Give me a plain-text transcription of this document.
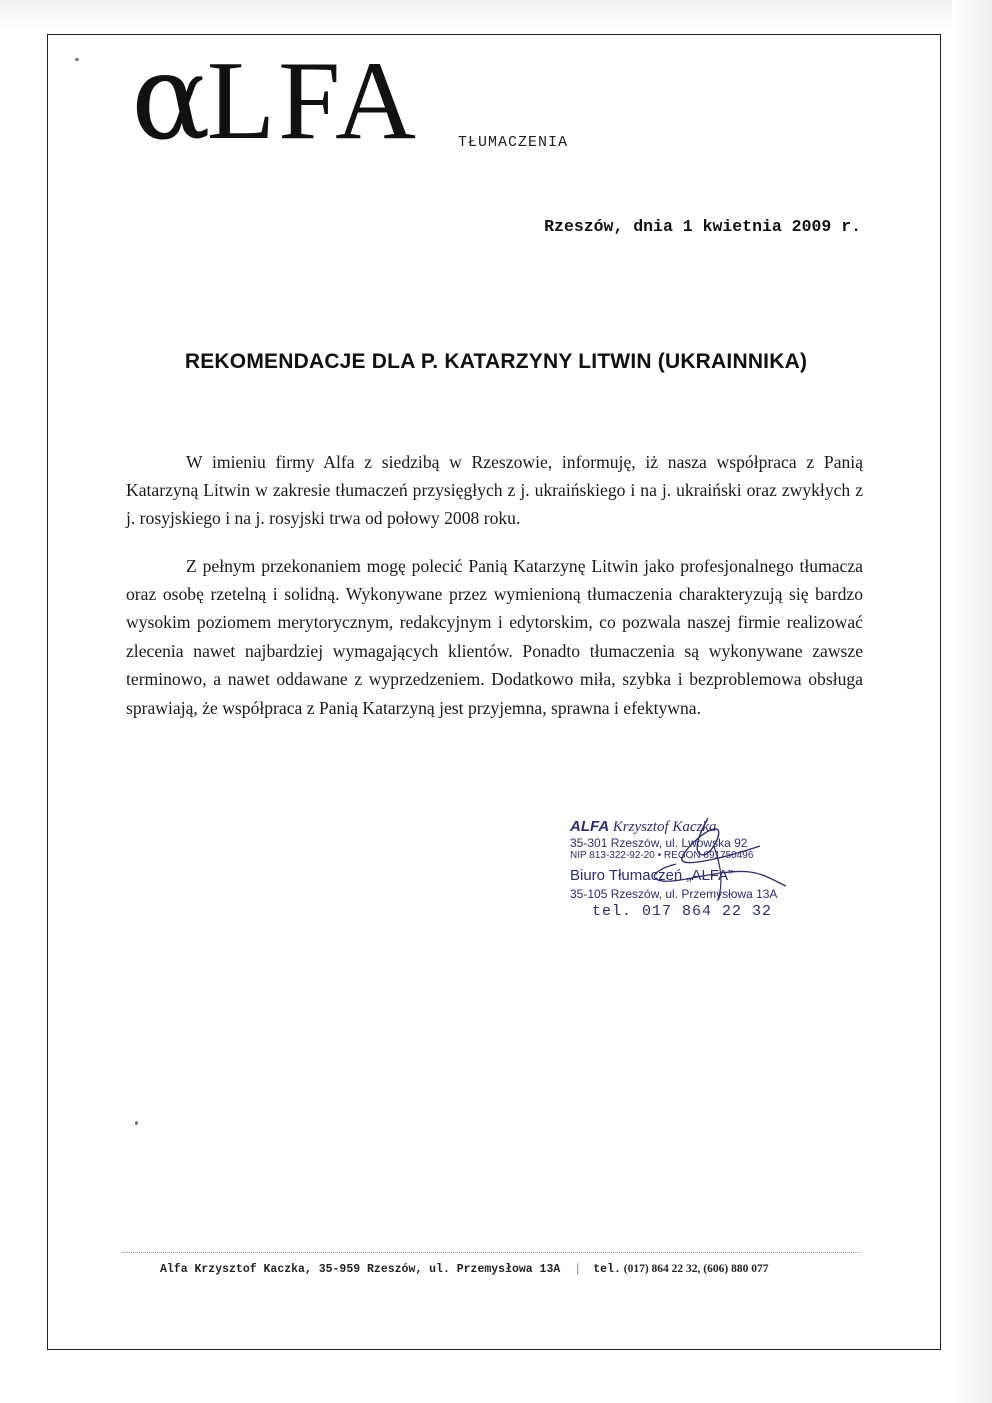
αLFA	TŁUMACZENIA
Rzeszów, dnia 1 kwietnia 2009 r.
REKOMENDACJE DLA P. KATARZYNY LITWIN (UKRAINNIKA)

W imieniu firmy Alfa z siedzibą w Rzeszowie, informuję, iż nasza współpraca z Panią Katarzyną Litwin w zakresie tłumaczeń przysięgłych z j. ukraińskiego i na j. ukraiński oraz zwykłych z j. rosyjskiego i na j. rosyjski trwa od połowy 2008 roku.

Z pełnym przekonaniem mogę polecić Panią Katarzynę Litwin jako profesjonalnego tłumacza oraz osobę rzetelną i solidną. Wykonywane przez wymienioną tłumaczenia charakteryzują się bardzo wysokim poziomem merytorycznym, redakcyjnym i edytorskim, co pozwala naszej firmie realizować zlecenia nawet najbardziej wymagających klientów. Ponadto tłumaczenia są wykonywane zawsze terminowo, a nawet oddawane z wyprzedzeniem. Dodatkowo miła, szybka i bezproblemowa obsługa sprawiają, że współpraca z Panią Katarzyną jest przyjemna, sprawna i efektywna.

ALFA Krzysztof Kaczka
35-301 Rzeszów, ul. Lwowska 92
NIP 813-322-92-20 • REGON 691750496
Biuro Tłumaczeń „ALFA”
35-105 Rzeszów, ul. Przemysłowa 13A
tel. 017 864 22 32
Alfa Krzysztof Kaczka, 35-959 Rzeszów, ul. Przemysłowa 13A | tel. (017) 864 22 32, (606) 880 077
